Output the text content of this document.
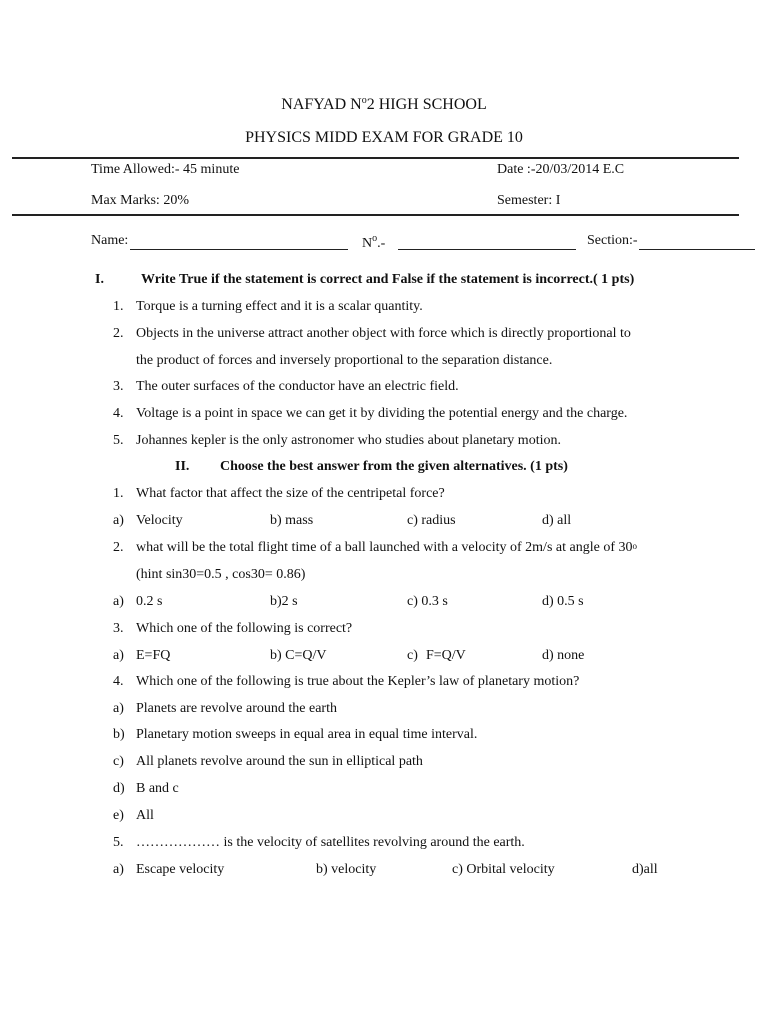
NAFYAD $N^o2$ HIGH SCHOOL
PHYSICS MIDD EXAM FOR GRADE 10
Time Allowed:- 45 minute	Date :-20/03/2014 E.C
Max Marks: 20%	Semester: I
Name:	$N^o.-$	Section:-
I.	Write True if the statement is correct and False if the statement is incorrect.( 1 pts)
1. Torque is a turning effect and it is a scalar quantity.
2. Objects in the universe attract another object with force which is directly proportional to
the product of forces and inversely proportional to the separation distance.
3. The outer surfaces of the conductor have an electric field.
4. Voltage is a point in space we can get it by dividing the potential energy and the charge.
5. Johannes kepler is the only astronomer who studies about planetary motion.
II. Choose the best answer from the given alternatives. (1 pts)
1. What factor that affect the size of the centripetal force?
a) Velocity	b) mass	c) radius	d) all
2. what will be the total flight time of a ball launched with a velocity of 2m/s at angle of 30o
(hint sin30=0.5 , cos30= 0.86)
a) 0.2 s	b)2 s	c) 0.3 s	d) 0.5 s
3. Which one of the following is correct?
a) E=FQ	b) C=Q/V	c) F=Q/V	d) none
4. Which one of the following is true about the Kepler’s law of planetary motion?
a) Planets are revolve around the earth
b) Planetary motion sweeps in equal area in equal time interval.
c) All planets revolve around the sun in elliptical path
d) B and c
e) All
5. ……………… is the velocity of satellites revolving around the earth.
a) Escape velocity	b) velocity	c) Orbital velocity	d)all
